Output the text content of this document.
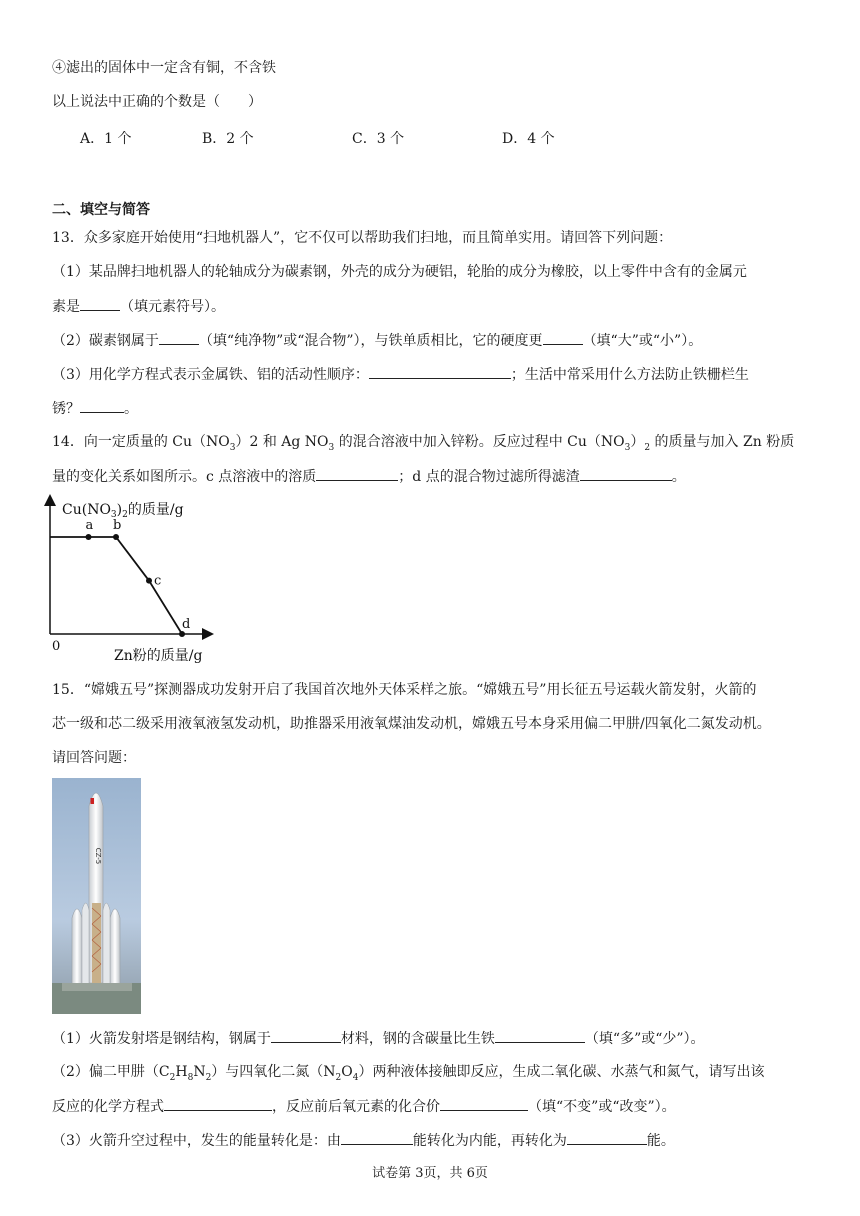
④滤出的固体中一定含有铜，不含铁
以上说法中正确的个数是（　　）
A．1 个	B．2 个	C．3 个	D．4 个
二、填空与简答
13．众多家庭开始使用“扫地机器人”，它不仅可以帮助我们扫地，而且简单实用。请回答下列问题：
（1）某品牌扫地机器人的轮轴成分为碳素钢，外壳的成分为硬铝，轮胎的成分为橡胶，以上零件中含有的金属元
素是	（填元素符号）。
（2）碳素钢属于	（填“纯净物”或“混合物”），与铁单质相比，它的硬度更	（填“大”或“小”）。
（3）用化学方程式表示金属铁、铝的活动性顺序：	；生活中常采用什么方法防止铁栅栏生
锈？	。
14．向一定质量的 $Cu(NO_3)2$ 和 Ag $NO_3$ 的混合溶液中加入锌粉。反应过程中 $Cu(NO_3)_2$ 的质量与加入 Zn 粉质
量的变化关系如图所示。c 点溶液中的溶质	；d 点的混合物过滤所得滤渣	。
$Cu(NO_3)_2$的质量/g
Zn粉的质量/g
0
a b
c
d
15．“嫦娥五号”探测器成功发射开启了我国首次地外天体采样之旅。“嫦娥五号”用长征五号运载火箭发射，火箭的
芯一级和芯二级采用液氧液氢发动机，助推器采用液氧煤油发动机，嫦娥五号本身采用偏二甲肼/四氧化二氮发动机。
请回答问题：
CZ-5
（1）火箭发射塔是钢结构，钢属于	材料，钢的含碳量比生铁	（填“多”或“少”）。
（2）偏二甲肼$(C_2H_8N_2)$与四氧化二氮$(N_2O_4)$两种液体接触即反应，生成二氧化碳、水蒸气和氮气，请写出该
反应的化学方程式	，反应前后氧元素的化合价	（填“不变”或“改变”）。
（3）火箭升空过程中，发生的能量转化是：由	能转化为内能，再转化为	能。
试卷第 3页，共 6页
